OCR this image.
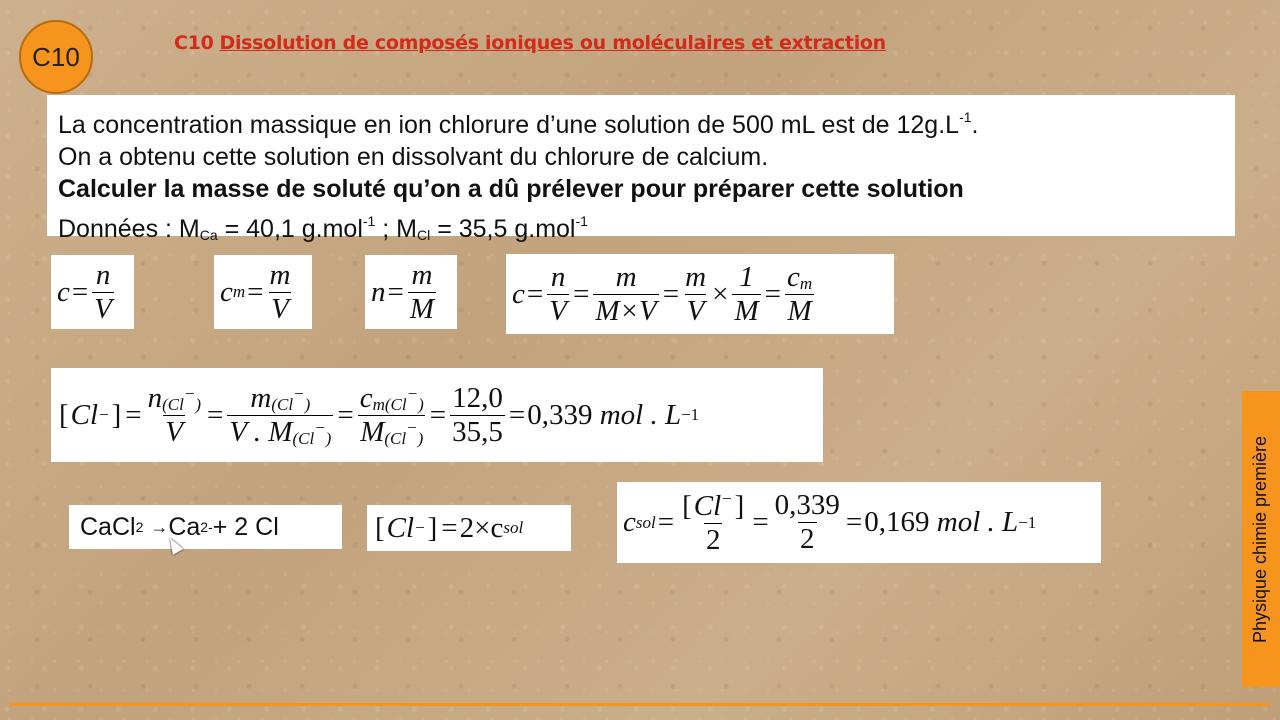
C10	C10 Dissolution de composés ioniques ou moléculaires et extraction

La concentration massique en ion chlorure d’une solution de 500 mL est de $12g.L^{-1}$.

On a obtenu cette solution en dissolvant du chlorure de calcium.

Calculer la masse de soluté qu’on a dû prélever pour préparer cette solution

Données : $M_{Ca} = 40,1$ g.mol$^{-1}$ ; $M_{Cl} = 35,5$ g.mol$^{-1}$

$c = \frac{n}{V}$	c $m = \frac{m}{V}$	$n = \frac{m}{M}$	$c = \frac{n}{V} = \frac{m}{M\times V} = \frac{m}{V} \times \frac{1}{M} = \frac{c_m}{M}$
[ Cl − ] = $\frac{n_{(Cl^-)}}{V} = \frac{m_{(Cl^-)}}{V . M_{(Cl^-)}} = \frac{c_{m(Cl^-)}}{M_{(Cl^-)}} = \frac{12,0}{35,5} = 0,339$
mol . L −1
CaCl 2
→ Ca 2- + 2 Cl	[ Cl − ] = 2×c sol	c sol = $\frac{[Cl^-]}{2} = \frac{0,339}{2} = 0,169$
mol . L −1	Physique chimie première
